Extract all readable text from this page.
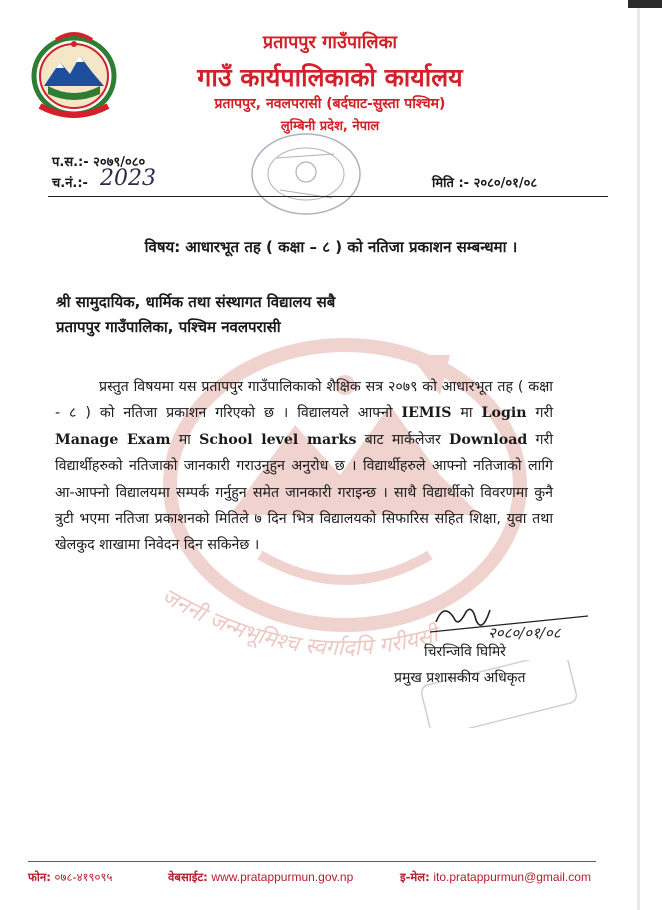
प्रतापपुर गाउँपालिका
गाउँ कार्यपालिकाको कार्यालय
प्रतापपुर, नवलपरासी (बर्दघाट-सुस्ता पश्चिम)
लुम्बिनी प्रदेश, नेपाल
प.स.:- २०७९/०८०
च.नं.:- 2023	मिति :- २०८०/०१/०८
विषय: आधारभूत तह ( कक्षा – ८ ) को नतिजा प्रकाशन सम्बन्धमा ।
श्री सामुदायिक, धार्मिक तथा संस्थागत विद्यालय सबै
प्रतापपुर गाउँपालिका, पश्चिम नवलपरासी
जननी जन्मभूमिश्च स्वर्गादपि गरीयसी
प्रस्तुत विषयमा यस प्रतापपुर गाउँपालिकाको शैक्षिक सत्र २०७९ को आधारभूत तह ( कक्षा - ८ ) को नतिजा प्रकाशन गरिएको छ । विद्यालयले आफ्नो IEMIS मा Login गरी Manage Exam मा School level marks बाट मार्कलेजर Download गरी विद्यार्थीहरुको नतिजाको जानकारी गराउनुहुन अनुरोध छ । विद्यार्थीहरुले आफ्नो नतिजाको लागि आ-आफ्नो विद्यालयमा सम्पर्क गर्नुहुन समेत जानकारी गराइन्छ । साथै विद्यार्थीको विवरणमा कुनै त्रुटी भएमा नतिजा प्रकाशनको मितिले ७ दिन भित्र विद्यालयको सिफारिस सहित शिक्षा, युवा तथा खेलकुद शाखामा निवेदन दिन सकिनेछ ।
२०८०/०१/०८
चिरन्जिवि घिमिरे
प्रमुख प्रशासकीय अधिकृत
फोन: ०७८-४१९०९५	वेबसाईट: www.pratappurmun.gov.np	इ-मेल: ito.pratappurmun@gmail.com
